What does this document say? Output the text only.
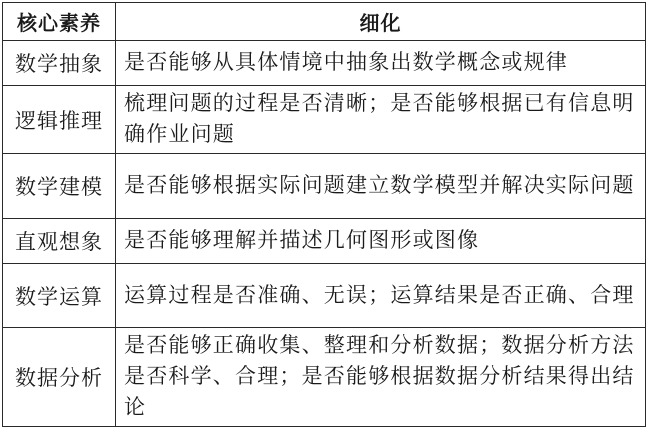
核心素养	细化
数学抽象	是否能够从具体情境中抽象出数学概念或规律
逻辑推理	梳理问题的过程是否清晰；是否能够根据已有信息明确作业问题
数学建模	是否能够根据实际问题建立数学模型并解决实际问题
直观想象	是否能够理解并描述几何图形或图像
数学运算	运算过程是否准确、无误；运算结果是否正确、合理
数据分析	是否能够正确收集、整理和分析数据；数据分析方法是否科学、合理；是否能够根据数据分析结果得出结论
